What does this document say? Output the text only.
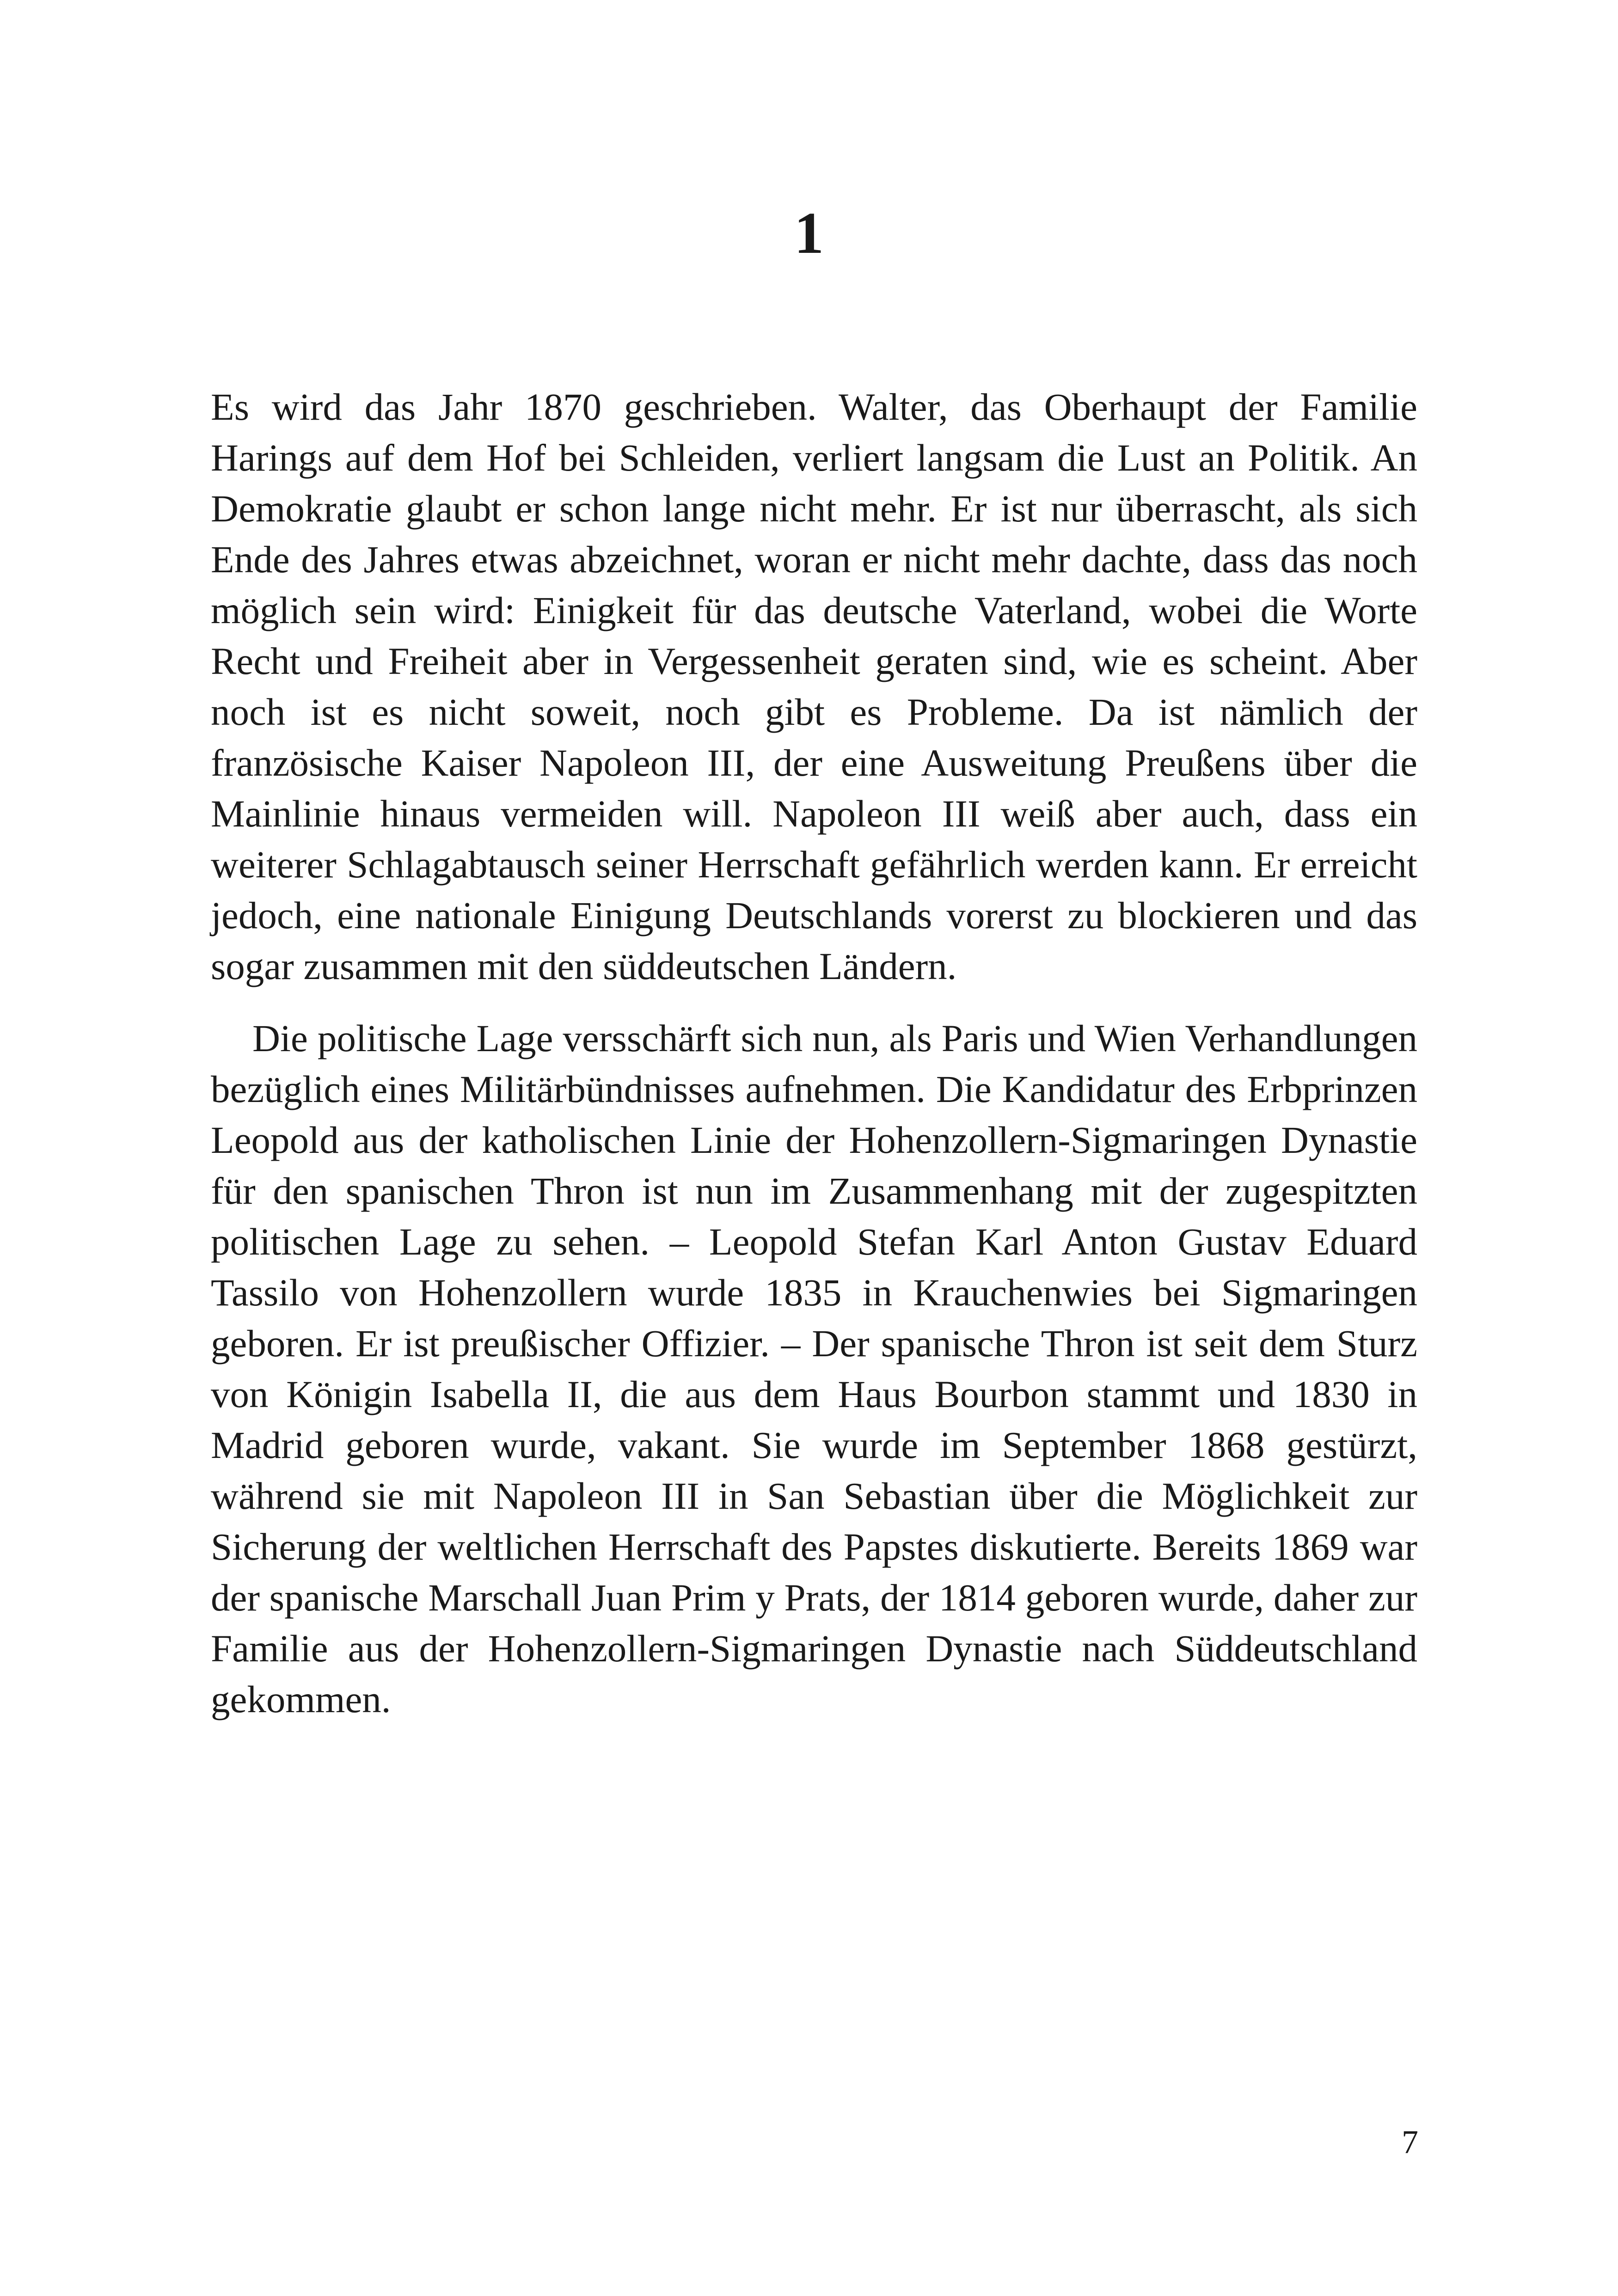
1

Es wird das Jahr 1870 geschrieben. Walter, das Oberhaupt der Familie Harings auf dem Hof bei Schleiden, verliert langsam die Lust an Politik. An Demokratie glaubt er schon lange nicht mehr. Er ist nur überrascht, als sich Ende des Jahres etwas abzeichnet, woran er nicht mehr dachte, dass das noch möglich sein wird: Einigkeit für das deutsche Vaterland, wobei die Worte Recht und Freiheit aber in Vergessenheit geraten sind, wie es scheint. Aber noch ist es nicht soweit, noch gibt es Probleme. Da ist nämlich der französische Kaiser Napoleon III, der eine Ausweitung Preußens über die Mainlinie hinaus vermeiden will. Napoleon III weiß aber auch, dass ein weiterer Schlagabtausch seiner Herrschaft gefährlich werden kann. Er erreicht jedoch, eine nationale Einigung Deutschlands vorerst zu blockieren und das sogar zusammen mit den süddeutschen Ländern.

Die politische Lage versschärft sich nun, als Paris und Wien Verhandlungen bezüglich eines Militärbündnisses aufnehmen. Die Kandidatur des Erbprinzen Leopold aus der katholischen Linie der Hohenzollern-Sigmaringen Dynastie für den spanischen Thron ist nun im Zusammenhang mit der zugespitzten politischen Lage zu sehen. – Leopold Stefan Karl Anton Gustav Eduard Tassilo von Hohenzollern wurde 1835 in Krauchenwies bei Sigmaringen geboren. Er ist preußischer Offizier. – Der spanische Thron ist seit dem Sturz von Königin Isabella II, die aus dem Haus Bourbon stammt und 1830 in Madrid geboren wurde, vakant. Sie wurde im September 1868 gestürzt, während sie mit Napoleon III in San Sebastian über die Möglichkeit zur Sicherung der weltlichen Herrschaft des Papstes diskutierte. Bereits 1869 war der spanische Marschall Juan Prim y Prats, der 1814 geboren wurde, daher zur Familie aus der Hohenzollern-Sigmaringen Dynastie nach Süddeutschland gekommen.

7
